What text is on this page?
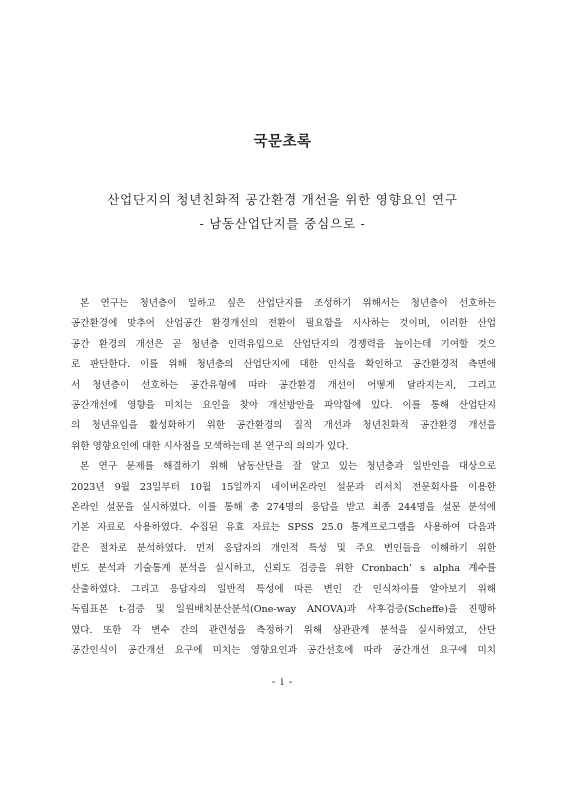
국문초록
산업단지의 청년친화적 공간환경 개선을 위한 영향요인 연구
- 남동산업단지를 중심으로 -
본 연구는 청년층이 일하고 싶은 산업단지를 조성하기 위해서는 청년층이 선호하는
공간환경에 맞추어 산업공간 환경개선의 전환이 필요함을 시사하는 것이며, 이러한 산업
공간 환경의 개선은 곧 청년층 인력유입으로 산업단지의 경쟁력을 높이는데 기여할 것으
로 판단한다. 이를 위해 청년층의 산업단지에 대한 인식을 확인하고 공간환경적 측면에
서 청년층이 선호하는 공간유형에 따라 공간환경 개선이 어떻게 달라지는지, 그리고
공간개선에 영향을 미치는 요인을 찾아 개선방안을 파악함에 있다. 이를 통해 산업단지
의 청년유입을 활성화하기 위한 공간환경의 질적 개선과 청년친화적 공간환경 개선을
위한 영향요인에 대한 시사점을 모색하는데 본 연구의 의의가 있다.
본 연구 문제를 해결하기 위해 남동산단을 잘 알고 있는 청년층과 일반인을 대상으로
2023년 9월 23일부터 10월 15일까지 네이버온라인 설문과 리서치 전문회사를 이용한
온라인 설문을 실시하였다. 이를 통해 총 274명의 응답을 받고 최종 244명을 설문 분석에
기본 자료로 사용하였다. 수집된 유효 자료는 SPSS 25.0 통계프로그램을 사용하여 다음과
같은 절차로 분석하였다. 먼저 응답자의 개인적 특성 및 주요 변인들을 이해하기 위한
빈도 분석과 기술통계 분석을 실시하고, 신뢰도 검증을 위한 Cronbach’ s alpha 계수를
산출하였다. 그리고 응답자의 일반적 특성에 따른 변인 간 인식차이를 알아보기 위해
독립표본 t-검증 및 일원배치분산분석(One-way ANOVA)과 사후검증(Scheffe)을 진행하
였다. 또한 각 변수 간의 관련성을 측정하기 위해 상관관계 분석을 실시하였고, 산단
공간인식이 공간개선 요구에 미치는 영향요인과 공간선호에 따라 공간개선 요구에 미치
- i -
